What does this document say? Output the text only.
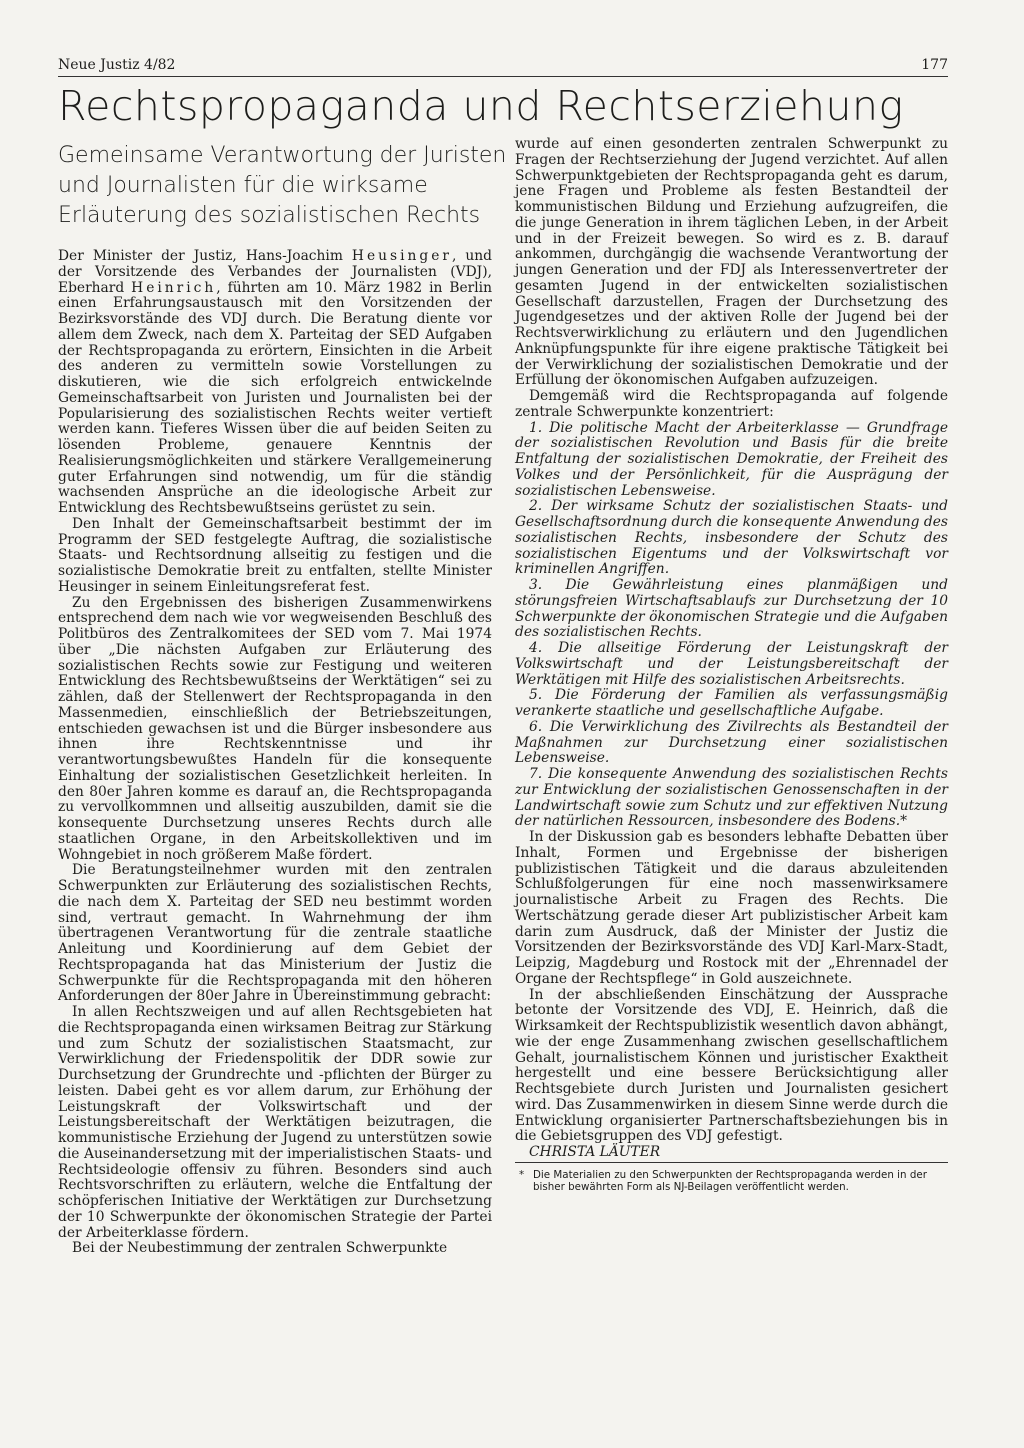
Neue Justiz 4/82	177
Rechtspropaganda und Rechtserziehung
Gemeinsame Verantwortung der Juristen
und Journalisten für die wirksame
Erläuterung des sozialistischen Rechts

Der Minister der Justiz, Hans-Joachim Heusinger, und der Vorsitzende des Verbandes der Journalisten (VDJ), Eberhard Heinrich, führten am 10. März 1982 in Berlin einen Erfahrungsaustausch mit den Vorsitzenden der Bezirksvorstände des VDJ durch. Die Beratung diente vor allem dem Zweck, nach dem X. Parteitag der SED Aufgaben der Rechtspropaganda zu erörtern, Einsichten in die Arbeit des anderen zu vermitteln sowie Vorstellungen zu diskutieren, wie die sich erfolgreich entwickelnde Gemeinschaftsarbeit von Juristen und Journalisten bei der Popularisierung des sozialistischen Rechts weiter vertieft werden kann. Tieferes Wissen über die auf beiden Seiten zu lösenden Probleme, genauere Kenntnis der Realisierungsmöglichkeiten und stärkere Verallgemeinerung guter Erfahrungen sind notwendig, um für die ständig wachsenden Ansprüche an die ideologische Arbeit zur Entwicklung des Rechtsbewußtseins gerüstet zu sein.

Den Inhalt der Gemeinschaftsarbeit bestimmt der im Programm der SED festgelegte Auftrag, die sozialistische Staats- und Rechtsordnung allseitig zu festigen und die sozialistische Demokratie breit zu entfalten, stellte Minister Heusinger in seinem Einleitungsreferat fest.

Zu den Ergebnissen des bisherigen Zusammenwirkens entsprechend dem nach wie vor wegweisenden Beschluß des Politbüros des Zentralkomitees der SED vom 7. Mai 1974 über „Die nächsten Aufgaben zur Erläuterung des sozialistischen Rechts sowie zur Festigung und weiteren Entwicklung des Rechtsbewußtseins der Werktätigen“ sei zu zählen, daß der Stellenwert der Rechtspropaganda in den Massenmedien, einschließlich der Betriebszeitungen, entschieden gewachsen ist und die Bürger insbesondere aus ihnen ihre Rechtskenntnisse und ihr verantwortungsbewußtes Handeln für die konsequente Einhaltung der sozialistischen Gesetzlichkeit herleiten. In den 80er Jahren komme es darauf an, die Rechtspropaganda zu vervollkommnen und allseitig auszubilden, damit sie die konsequente Durchsetzung unseres Rechts durch alle staatlichen Organe, in den Arbeitskollektiven und im Wohngebiet in noch größerem Maße fördert.

Die Beratungsteilnehmer wurden mit den zentralen Schwerpunkten zur Erläuterung des sozialistischen Rechts, die nach dem X. Parteitag der SED neu bestimmt worden sind, vertraut gemacht. In Wahrnehmung der ihm übertragenen Verantwortung für die zentrale staatliche Anleitung und Koordinierung auf dem Gebiet der Rechtspropaganda hat das Ministerium der Justiz die Schwerpunkte für die Rechtspropaganda mit den höheren Anforderungen der 80er Jahre in Übereinstimmung gebracht:

In allen Rechtszweigen und auf allen Rechtsgebieten hat die Rechtspropaganda einen wirksamen Beitrag zur Stärkung und zum Schutz der sozialistischen Staatsmacht, zur Verwirklichung der Friedenspolitik der DDR sowie zur Durchsetzung der Grundrechte und -pflichten der Bürger zu leisten. Dabei geht es vor allem darum, zur Erhöhung der Leistungskraft der Volkswirtschaft und der Leistungsbereitschaft der Werktätigen beizutragen, die kommunistische Erziehung der Jugend zu unterstützen sowie die Auseinandersetzung mit der imperialistischen Staats- und Rechtsideologie offensiv zu führen. Besonders sind auch Rechtsvorschriften zu erläutern, welche die Entfaltung der schöpferischen Initiative der Werktätigen zur Durchsetzung der 10 Schwerpunkte der ökonomischen Strategie der Partei der Arbeiterklasse fördern.

Bei der Neubestimmung der zentralen Schwerpunkte

wurde auf einen gesonderten zentralen Schwerpunkt zu Fragen der Rechtserziehung der Jugend verzichtet. Auf allen Schwerpunktgebieten der Rechtspropaganda geht es darum, jene Fragen und Probleme als festen Bestandteil der kommunistischen Bildung und Erziehung aufzugreifen, die die junge Generation in ihrem täglichen Leben, in der Arbeit und in der Freizeit bewegen. So wird es z. B. darauf ankommen, durchgängig die wachsende Verantwortung der jungen Generation und der FDJ als Interessenvertreter der gesamten Jugend in der entwickelten sozialistischen Gesellschaft darzustellen, Fragen der Durchsetzung des Jugendgesetzes und der aktiven Rolle der Jugend bei der Rechtsverwirklichung zu erläutern und den Jugendlichen Anknüpfungspunkte für ihre eigene praktische Tätigkeit bei der Verwirklichung der sozialistischen Demokratie und der Erfüllung der ökonomischen Aufgaben aufzuzeigen.

Demgemäß wird die Rechtspropaganda auf folgende zentrale Schwerpunkte konzentriert:

1. Die politische Macht der Arbeiterklasse — Grundfrage der sozialistischen Revolution und Basis für die breite Entfaltung der sozialistischen Demokratie, der Freiheit des Volkes und der Persönlichkeit, für die Ausprägung der sozialistischen Lebensweise.

2. Der wirksame Schutz der sozialistischen Staats- und Gesellschaftsordnung durch die konsequente Anwendung des sozialistischen Rechts, insbesondere der Schutz des sozialistischen Eigentums und der Volkswirtschaft vor kriminellen Angriffen.

3. Die Gewährleistung eines planmäßigen und störungsfreien Wirtschaftsablaufs zur Durchsetzung der 10 Schwerpunkte der ökonomischen Strategie und die Aufgaben des sozialistischen Rechts.

4. Die allseitige Förderung der Leistungskraft der Volkswirtschaft und der Leistungsbereitschaft der Werktätigen mit Hilfe des sozialistischen Arbeitsrechts.

5. Die Förderung der Familien als verfassungsmäßig verankerte staatliche und gesellschaftliche Aufgabe.

6. Die Verwirklichung des Zivilrechts als Bestandteil der Maßnahmen zur Durchsetzung einer sozialistischen Lebensweise.

7. Die konsequente Anwendung des sozialistischen Rechts zur Entwicklung der sozialistischen Genossenschaften in der Landwirtschaft sowie zum Schutz und zur effektiven Nutzung der natürlichen Ressourcen, insbesondere des Bodens.*

In der Diskussion gab es besonders lebhafte Debatten über Inhalt, Formen und Ergebnisse der bisherigen publizistischen Tätigkeit und die daraus abzuleitenden Schlußfolgerungen für eine noch massenwirksamere journalistische Arbeit zu Fragen des Rechts. Die Wertschätzung gerade dieser Art publizistischer Arbeit kam darin zum Ausdruck, daß der Minister der Justiz die Vorsitzenden der Bezirksvorstände des VDJ Karl-Marx-Stadt, Leipzig, Magdeburg und Rostock mit der „Ehrennadel der Organe der Rechtspflege“ in Gold auszeichnete.

In der abschließenden Einschätzung der Aussprache betonte der Vorsitzende des VDJ, E. Heinrich, daß die Wirksamkeit der Rechtspublizistik wesentlich davon abhängt, wie der enge Zusammenhang zwischen gesellschaftlichem Gehalt, journalistischem Können und juristischer Exaktheit hergestellt und eine bessere Berücksichtigung aller Rechtsgebiete durch Juristen und Journalisten gesichert wird. Das Zusammenwirken in diesem Sinne werde durch die Entwicklung organisierter Partnerschaftsbeziehungen bis in die Gebietsgruppen des VDJ gefestigt.

CHRISTA LÄUTER

* Die Materialien zu den Schwerpunkten der Rechtspropaganda werden in der bisher bewährten Form als NJ-Beilagen veröffentlicht werden.
